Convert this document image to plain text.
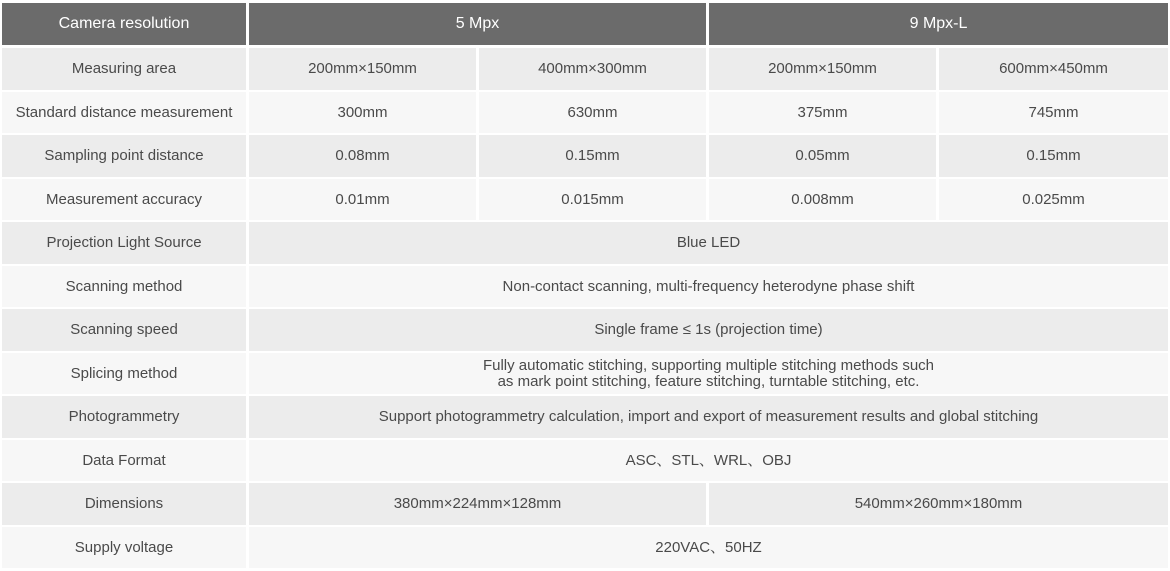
Camera resolution	5 Mpx	9 Mpx-L
Measuring area	200mm×150mm	400mm×300mm	200mm×150mm	600mm×450mm
Standard distance measurement	300mm	630mm	375mm	745mm
Sampling point distance	0.08mm	0.15mm	0.05mm	0.15mm
Measurement accuracy	0.01mm	0.015mm	0.008mm	0.025mm
Projection Light Source	Blue LED
Scanning method	Non-contact scanning, multi-frequency heterodyne phase shift
Scanning speed	Single frame ≤ 1s (projection time)
Splicing method	Fully automatic stitching, supporting multiple stitching methods such as mark point stitching, feature stitching, turntable stitching, etc.
Photogrammetry	Support photogrammetry calculation, import and export of measurement results and global stitching
Data Format	ASC、STL、WRL、OBJ
Dimensions	380mm×224mm×128mm	540mm×260mm×180mm
Supply voltage	220VAC、50HZ
